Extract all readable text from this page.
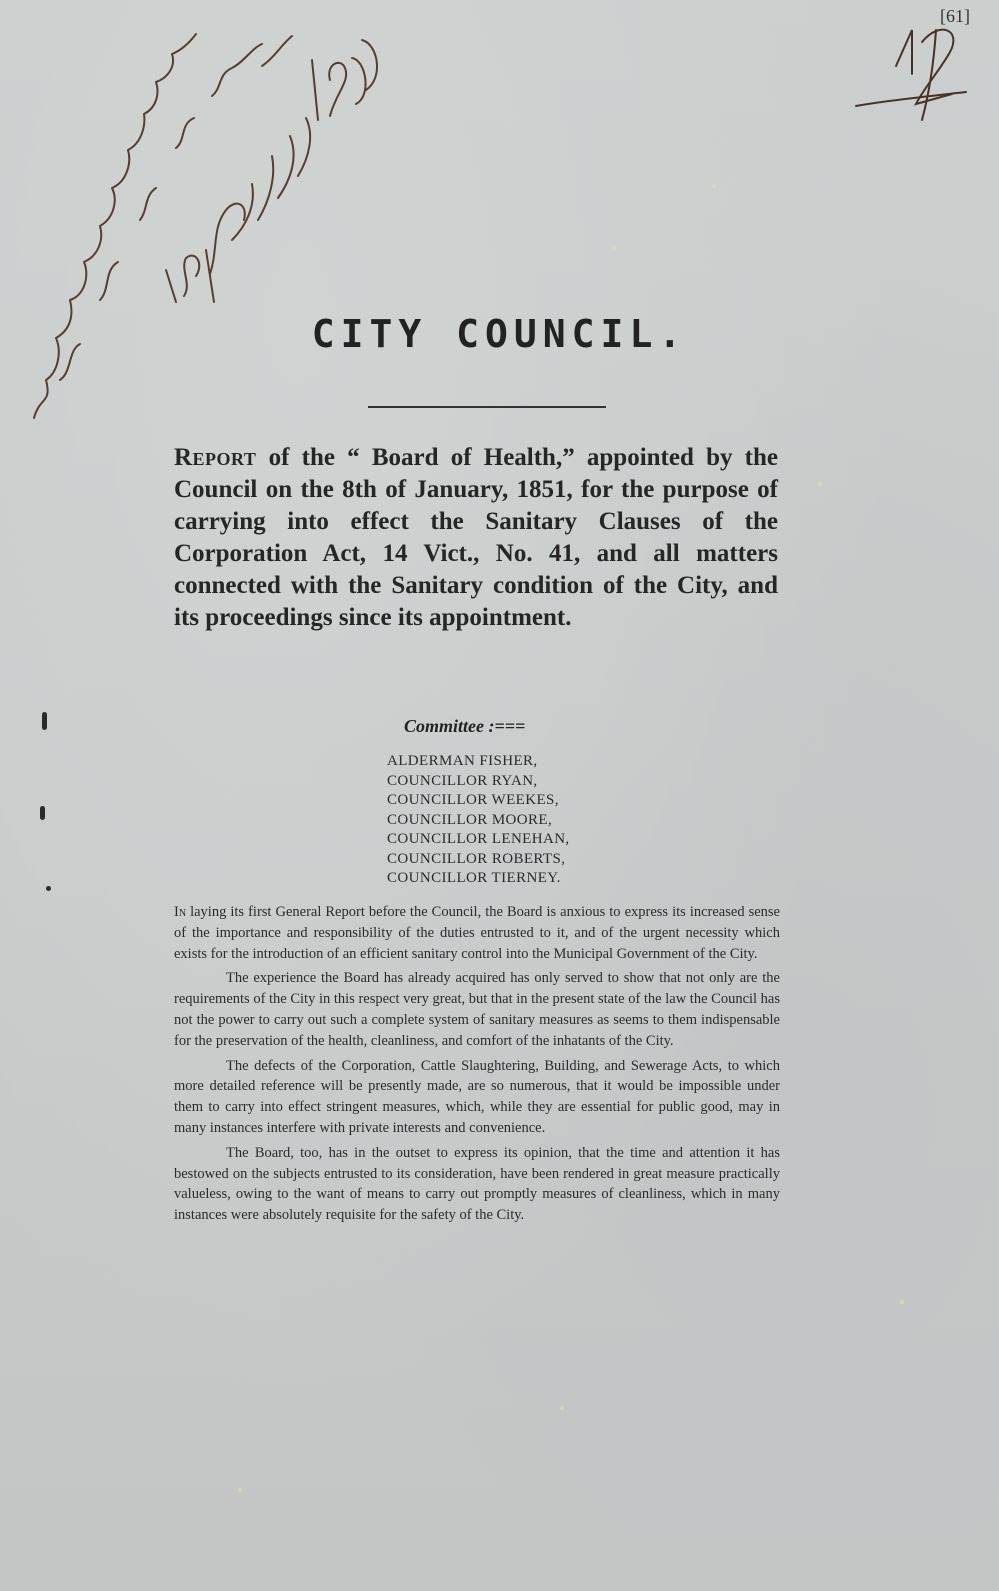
[61]
CITY COUNCIL.
Report of the “ Board of Health,” appointed by the Council on the 8th of January, 1851, for the purpose of carrying into effect the Sanitary Clauses of the Corporation Act, 14 Vict., No. 41, and all matters connected with the Sanitary condition of the City, and its proceedings since its appointment.
Committee :===
ALDERMAN FISHER,
COUNCILLOR RYAN,
COUNCILLOR WEEKES,
COUNCILLOR MOORE,
COUNCILLOR LENEHAN,
COUNCILLOR ROBERTS,
COUNCILLOR TIERNEY.

In laying its first General Report before the Council, the Board is anxious to express its increased sense of the importance and responsibility of the duties entrusted to it, and of the urgent necessity which exists for the introduction of an efficient sanitary control into the Municipal Government of the City.

The experience the Board has already acquired has only served to show that not only are the requirements of the City in this respect very great, but that in the present state of the law the Council has not the power to carry out such a complete system of sanitary measures as seems to them indispensable for the preservation of the health, cleanliness, and comfort of the inhatants of the City.

The defects of the Corporation, Cattle Slaughtering, Building, and Sewerage Acts, to which more detailed reference will be presently made, are so numerous, that it would be impossible under them to carry into effect stringent measures, which, while they are essential for public good, may in many instances interfere with private interests and convenience.

The Board, too, has in the outset to express its opinion, that the time and attention it has bestowed on the subjects entrusted to its consideration, have been rendered in great measure practically valueless, owing to the want of means to carry out promptly measures of cleanliness, which in many instances were absolutely requisite for the safety of the City.
